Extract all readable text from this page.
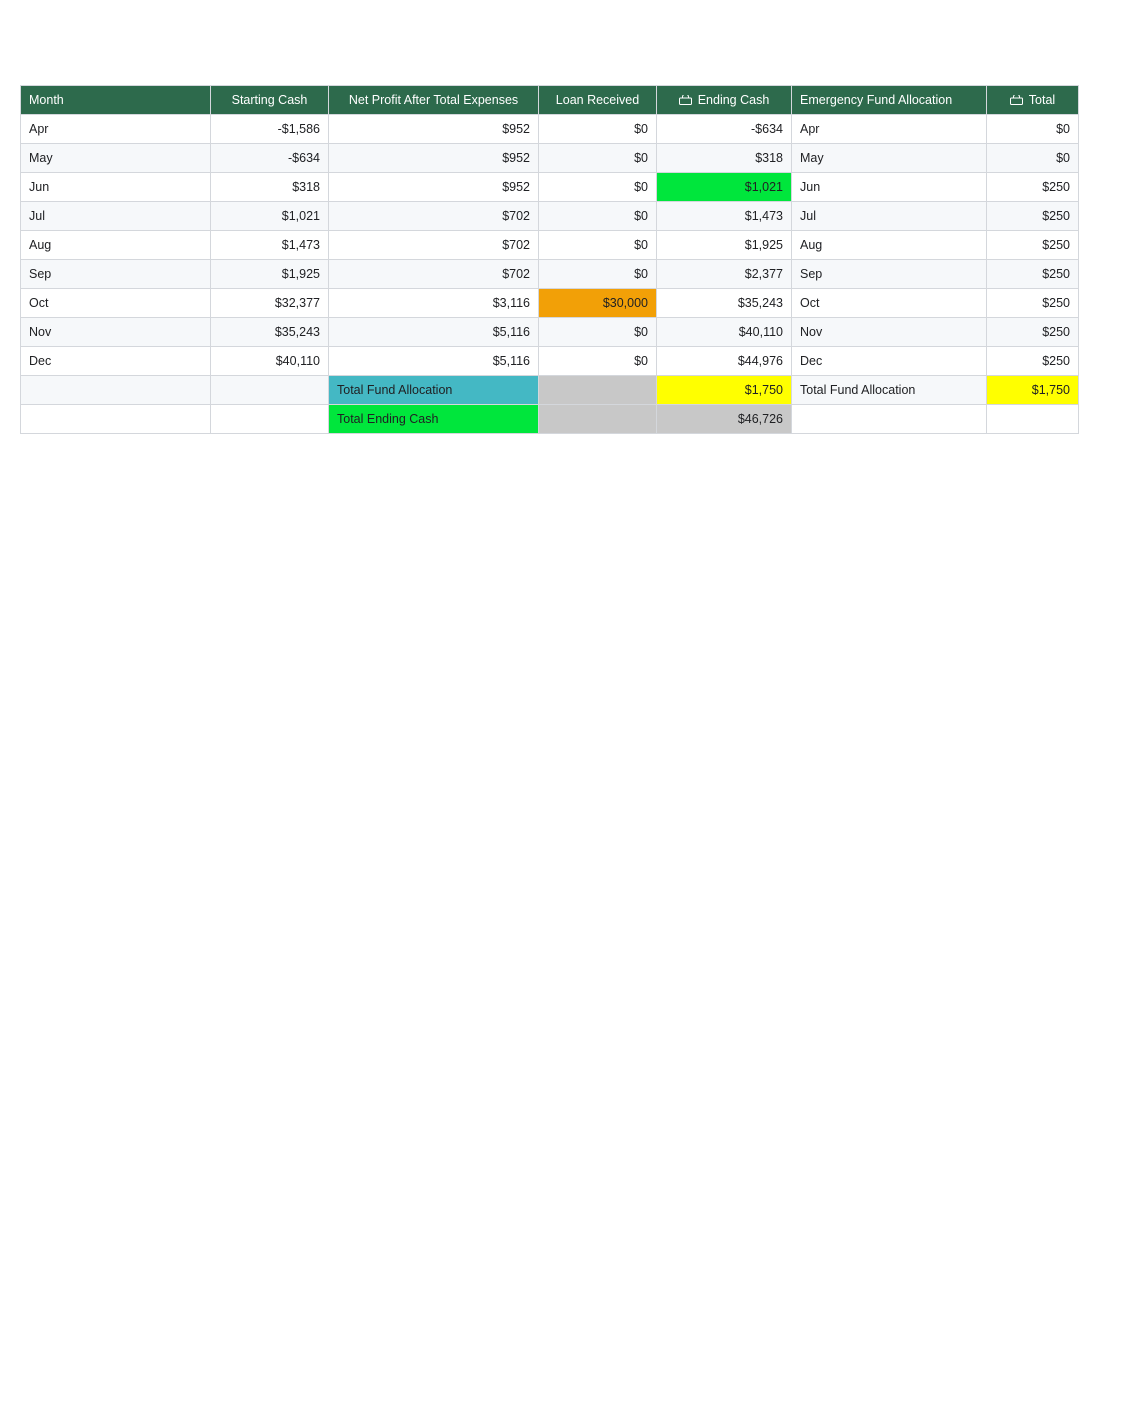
Month	Starting Cash	Net Profit After Total Expenses	Loan Received	Ending Cash	Emergency Fund Allocation	Total
Apr	-$1,586	$952	$0	-$634	Apr	$0
May	-$634	$952	$0	$318	May	$0
Jun	$318	$952	$0	$1,021	Jun	$250
Jul	$1,021	$702	$0	$1,473	Jul	$250
Aug	$1,473	$702	$0	$1,925	Aug	$250
Sep	$1,925	$702	$0	$2,377	Sep	$250
Oct	$32,377	$3,116	$30,000	$35,243	Oct	$250
Nov	$35,243	$5,116	$0	$40,110	Nov	$250
Dec	$40,110	$5,116	$0	$44,976	Dec	$250
		Total Fund Allocation		$1,750	Total Fund Allocation	$1,750
		Total Ending Cash		$46,726		
